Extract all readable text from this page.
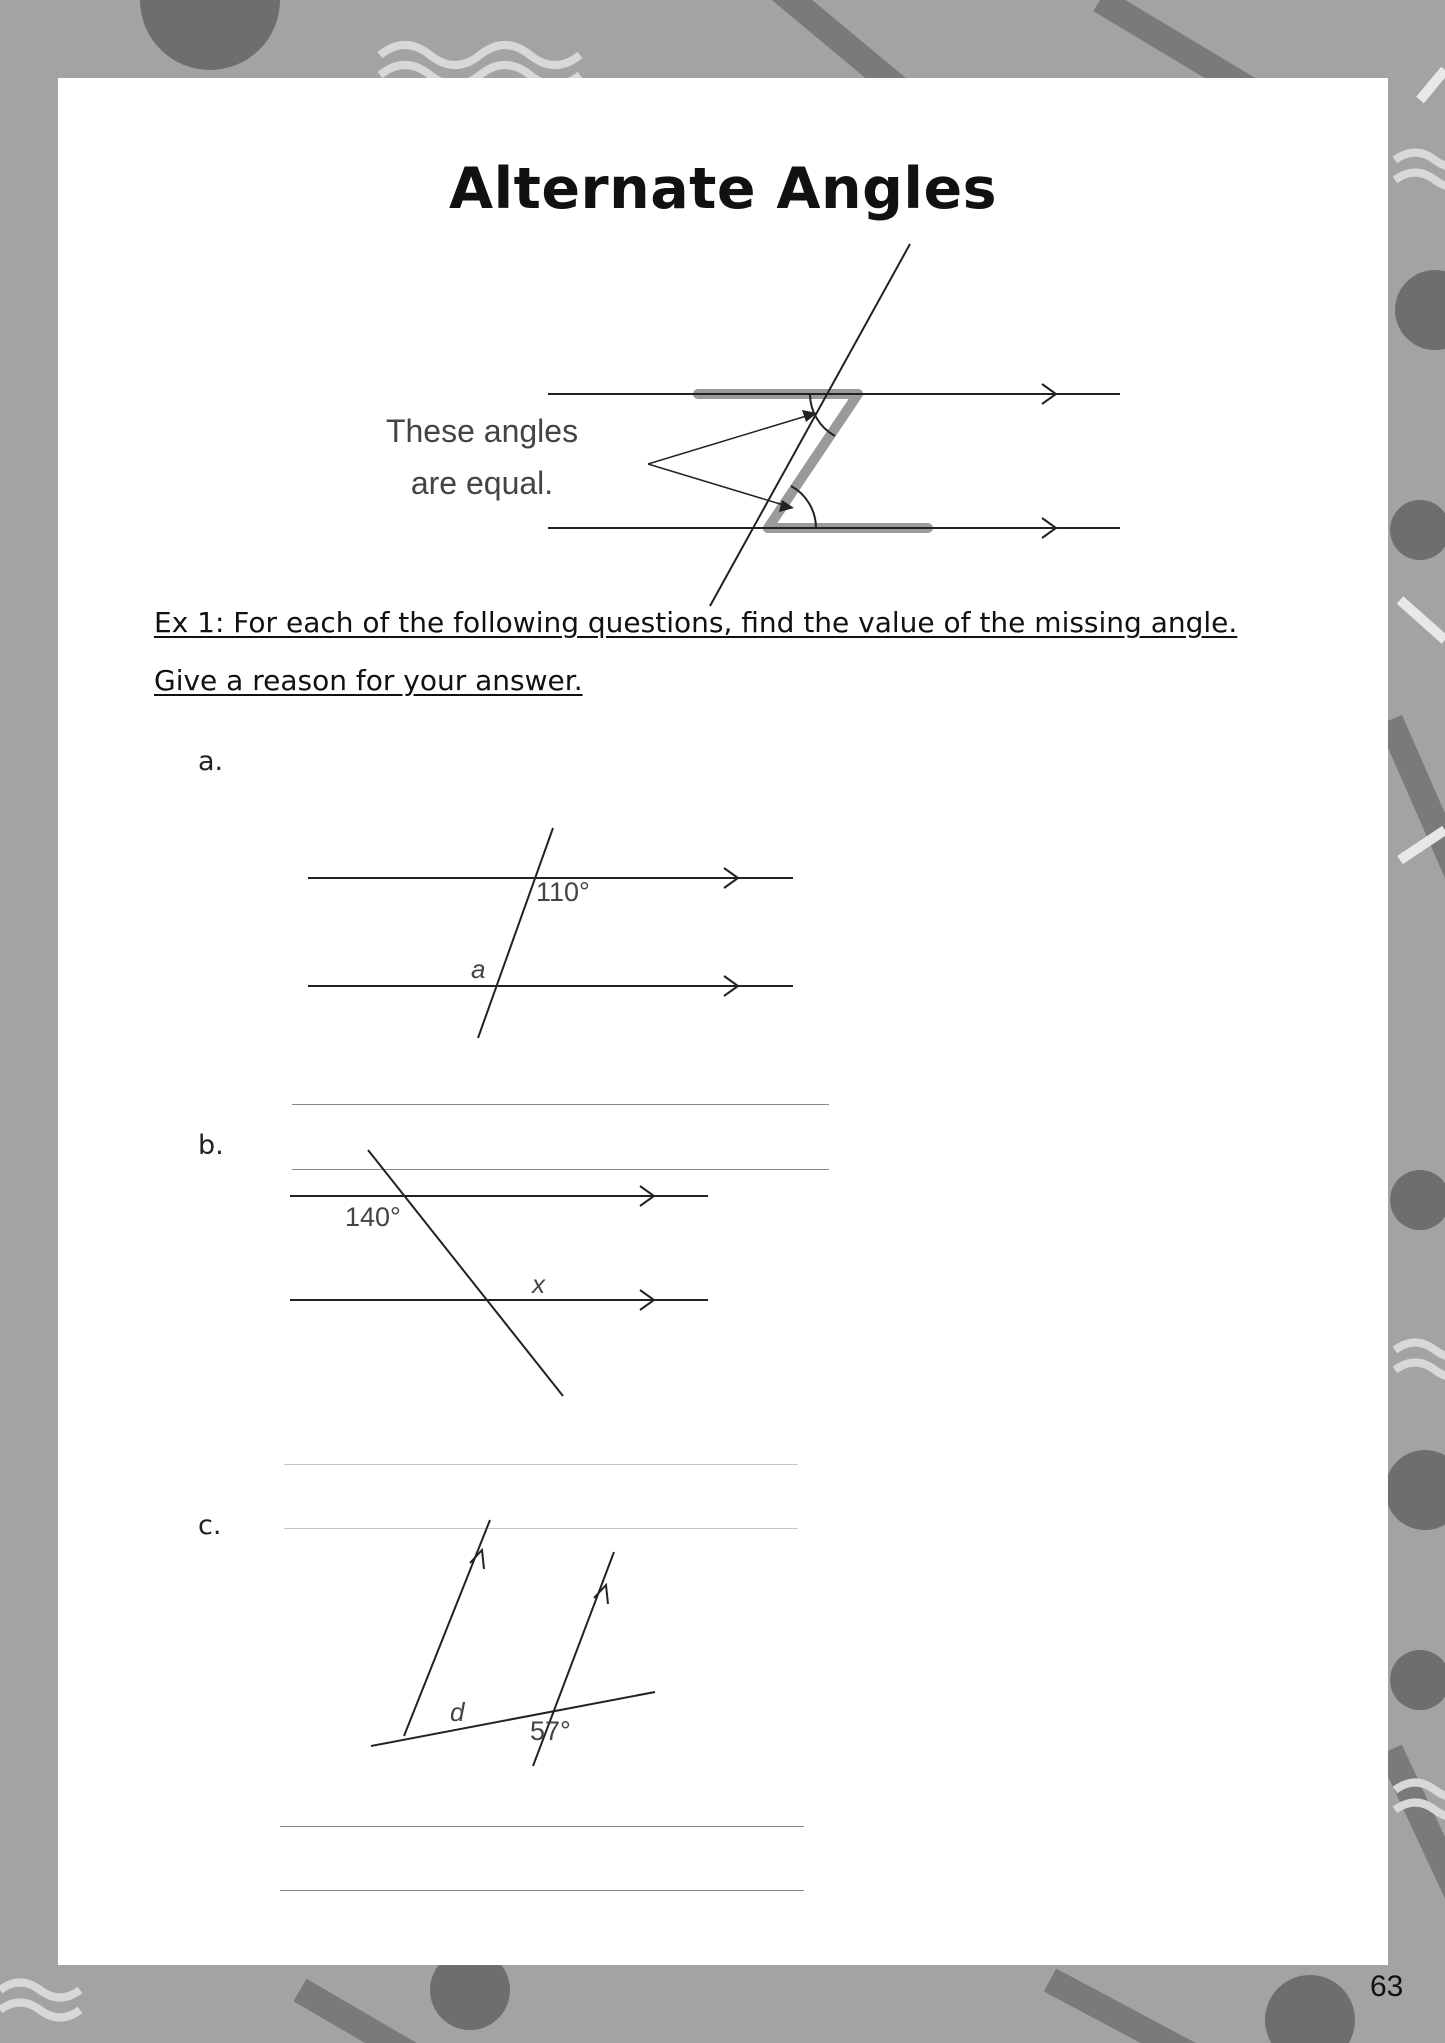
Alternate Angles
These angles
are equal.
Ex 1: For each of the following questions, find the value of the missing angle.
Give a reason for your answer.
a.
110°
a
b.
140°
x
c.
d
57°
63
